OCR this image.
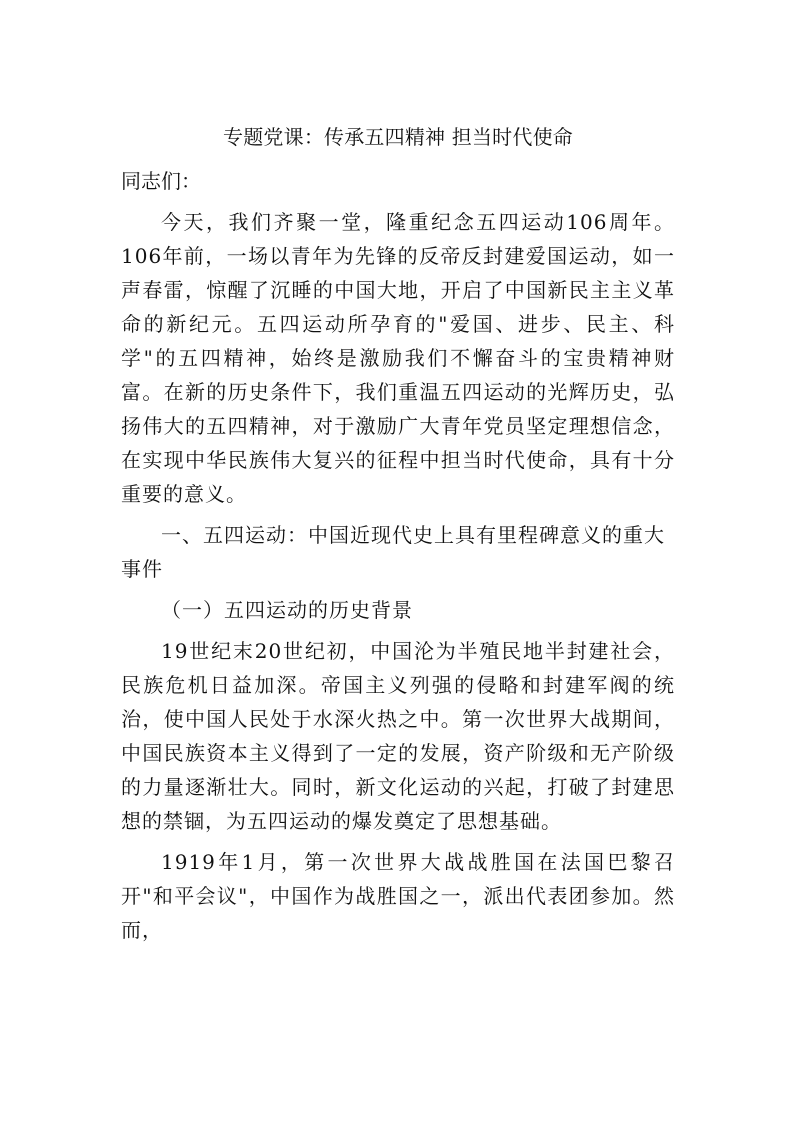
专题党课：传承五四精神 担当时代使命
同志们：

今天，我们齐聚一堂，隆重纪念五四运动106周年。106年前，一场以青年为先锋的反帝反封建爱国运动，如一声春雷，惊醒了沉睡的中国大地，开启了中国新民主主义革命的新纪元。五四运动所孕育的"爱国、进步、民主、科学"的五四精神，始终是激励我们不懈奋斗的宝贵精神财富。在新的历史条件下，我们重温五四运动的光辉历史，弘扬伟大的五四精神，对于激励广大青年党员坚定理想信念，在实现中华民族伟大复兴的征程中担当时代使命，具有十分重要的意义。

一、五四运动：中国近现代史上具有里程碑意义的重大事件
（一）五四运动的历史背景

19世纪末20世纪初，中国沦为半殖民地半封建社会，民族危机日益加深。帝国主义列强的侵略和封建军阀的统治，使中国人民处于水深火热之中。第一次世界大战期间，中国民族资本主义得到了一定的发展，资产阶级和无产阶级的力量逐渐壮大。同时，新文化运动的兴起，打破了封建思想的禁锢，为五四运动的爆发奠定了思想基础。

1919年1月，第一次世界大战战胜国在法国巴黎召开"和平会议"，中国作为战胜国之一，派出代表团参加。然而，
